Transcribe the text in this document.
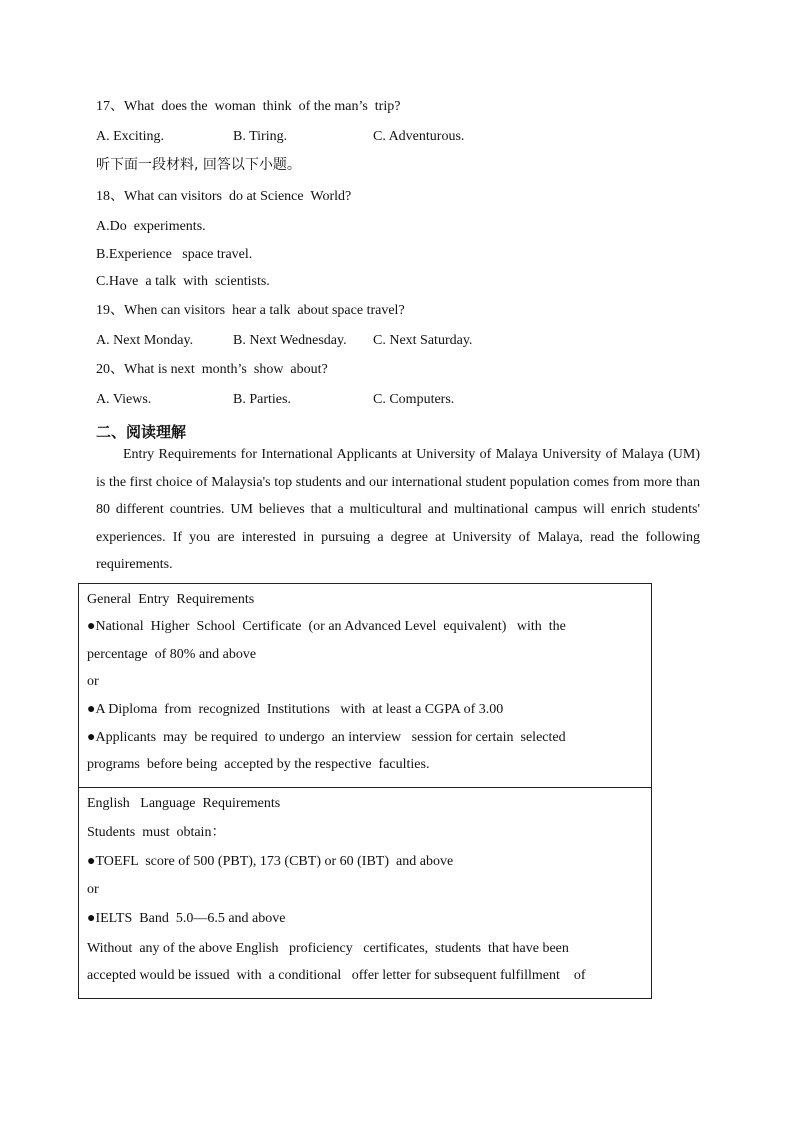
17、What  does the  woman  think  of the man’s  trip?
A. Exciting.	B. Tiring.	C. Adventurous.
听下面一段材料, 回答以下小题。
18、What can visitors  do at Science  World?
A.Do  experiments.
B.Experience   space travel.
C.Have  a talk  with  scientists.
19、When can visitors  hear a talk  about space travel?
A. Next Monday.	B. Next Wednesday. C. Next Saturday.
20、What is next  month’s  show  about?
A. Views.	B. Parties.	C. Computers.
二、阅读理解
Entry Requirements for International Applicants at University of Malaya University of Malaya (UM) is the first choice of Malaysia's top students and our international student population comes from more than 80 different countries. UM believes that a multicultural and multinational campus will enrich students' experiences. If you are interested in pursuing a degree at University of Malaya, read the following requirements.
General  Entry  Requirements
●National  Higher  School  Certificate  (or an Advanced Level  equivalent)   with  the
percentage  of 80% and above
or
●A Diploma  from  recognized  Institutions   with  at least a CGPA of 3.00
●Applicants  may  be required  to undergo  an interview   session for certain  selected
programs  before being  accepted by the respective  faculties.
English   Language  Requirements
Students  must  obtain：
●TOEFL  score of 500 (PBT), 173 (CBT) or 60 (IBT)  and above
or
●IELTS  Band  5.0—6.5 and above
Without  any of the above English   proficiency   certificates,  students  that have been
accepted would be issued  with  a conditional   offer letter for subsequent fulfillment    of
